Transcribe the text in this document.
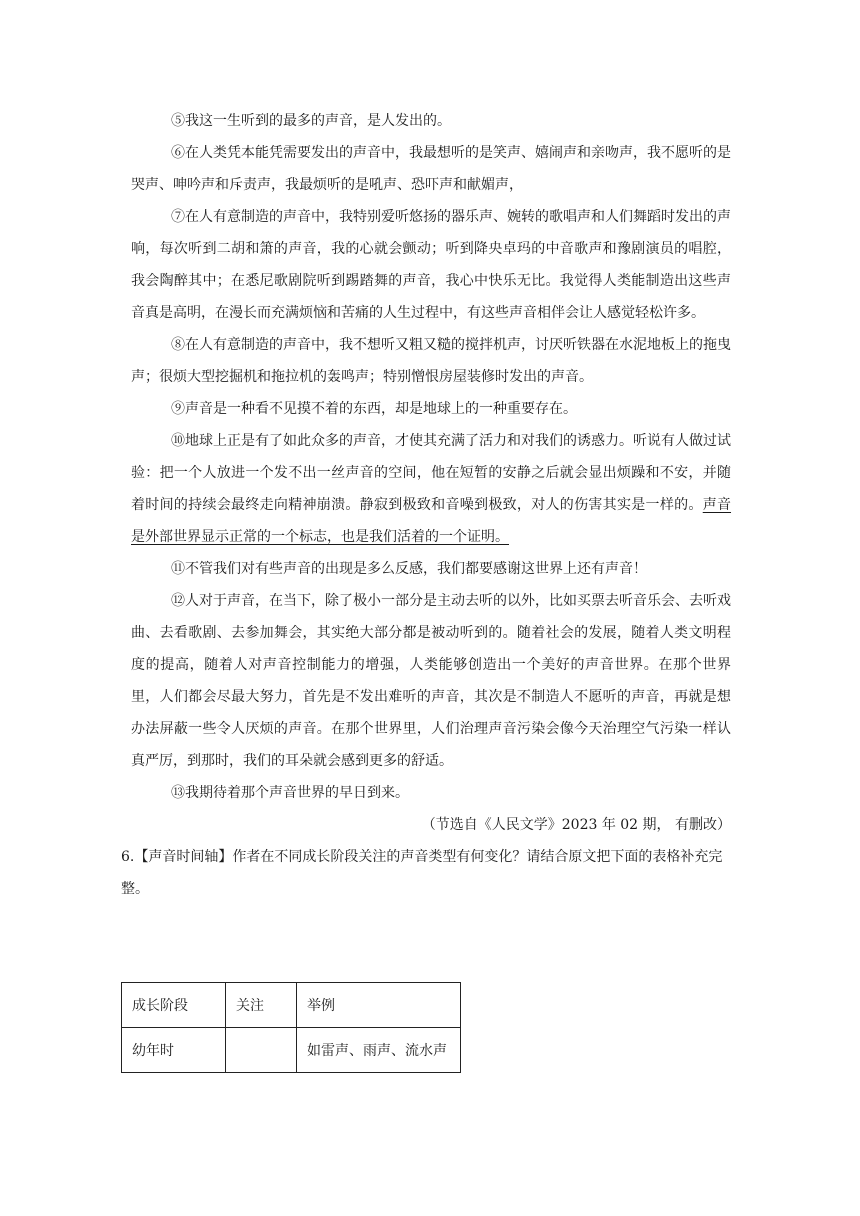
⑤我这一生听到的最多的声音，是人发出的。

⑥在人类凭本能凭需要发出的声音中，我最想听的是笑声、嬉闹声和亲吻声，我不愿听的是哭声、呻吟声和斥责声，我最烦听的是吼声、恐吓声和献媚声，

⑦在人有意制造的声音中，我特别爱听悠扬的器乐声、婉转的歌唱声和人们舞蹈时发出的声响，每次听到二胡和箫的声音，我的心就会颤动；听到降央卓玛的中音歌声和豫剧演员的唱腔，我会陶醉其中；在悉尼歌剧院听到踢踏舞的声音，我心中快乐无比。我觉得人类能制造出这些声音真是高明，在漫长而充满烦恼和苦痛的人生过程中，有这些声音相伴会让人感觉轻松许多。

⑧在人有意制造的声音中，我不想听又粗又糙的搅拌机声，讨厌听铁器在水泥地板上的拖曳声；很烦大型挖掘机和拖拉机的轰鸣声；特别憎恨房屋装修时发出的声音。

⑨声音是一种看不见摸不着的东西，却是地球上的一种重要存在。

⑩地球上正是有了如此众多的声音，才使其充满了活力和对我们的诱惑力。听说有人做过试验：把一个人放进一个发不出一丝声音的空间，他在短暂的安静之后就会显出烦躁和不安，并随着时间的持续会最终走向精神崩溃。静寂到极致和音噪到极致，对人的伤害其实是一样的。声音是外部世界显示正常的一个标志，也是我们活着的一个证明。

⑪不管我们对有些声音的出现是多么反感，我们都要感谢这世界上还有声音！

⑫人对于声音，在当下，除了极小一部分是主动去听的以外，比如买票去听音乐会、去听戏曲、去看歌剧、去参加舞会，其实绝大部分都是被动听到的。随着社会的发展，随着人类文明程度的提高，随着人对声音控制能力的增强，人类能够创造出一个美好的声音世界。在那个世界里，人们都会尽最大努力，首先是不发出难听的声音，其次是不制造人不愿听的声音，再就是想办法屏蔽一些令人厌烦的声音。在那个世界里，人们治理声音污染会像今天治理空气污染一样认真严厉，到那时，我们的耳朵就会感到更多的舒适。

⑬我期待着那个声音世界的早日到来。

（节选自《人民文学》2023 年 02 期， 有删改）

6.【声音时间轴】作者在不同成长阶段关注的声音类型有何变化？请结合原文把下面的表格补充完整。

成长阶段	关注	举例
幼年时		如雷声、雨声、流水声
